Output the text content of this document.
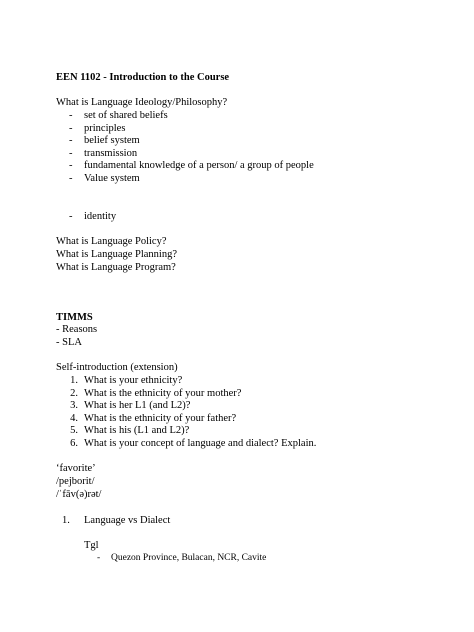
EEN 1102 - Introduction to the Course
What is Language Ideology/Philosophy?
- set of shared beliefs
- principles
- belief system
- transmission
- fundamental knowledge of a person/ a group of people
- Value system
- identity
What is Language Policy?
What is Language Planning?
What is Language Program?
TIMMS
- Reasons
- SLA
Self-introduction (extension)
1. What is your ethnicity?
2. What is the ethnicity of your mother?
3. What is her L1 (and L2)?
4. What is the ethnicity of your father?
5. What is his (L1 and L2)?
6. What is your concept of language and dialect? Explain.
‘favorite’
/pejborit/
/ˈfāv(ə)rət/
1. Language vs Dialect
Tgl
- Quezon Province, Bulacan, NCR, Cavite
